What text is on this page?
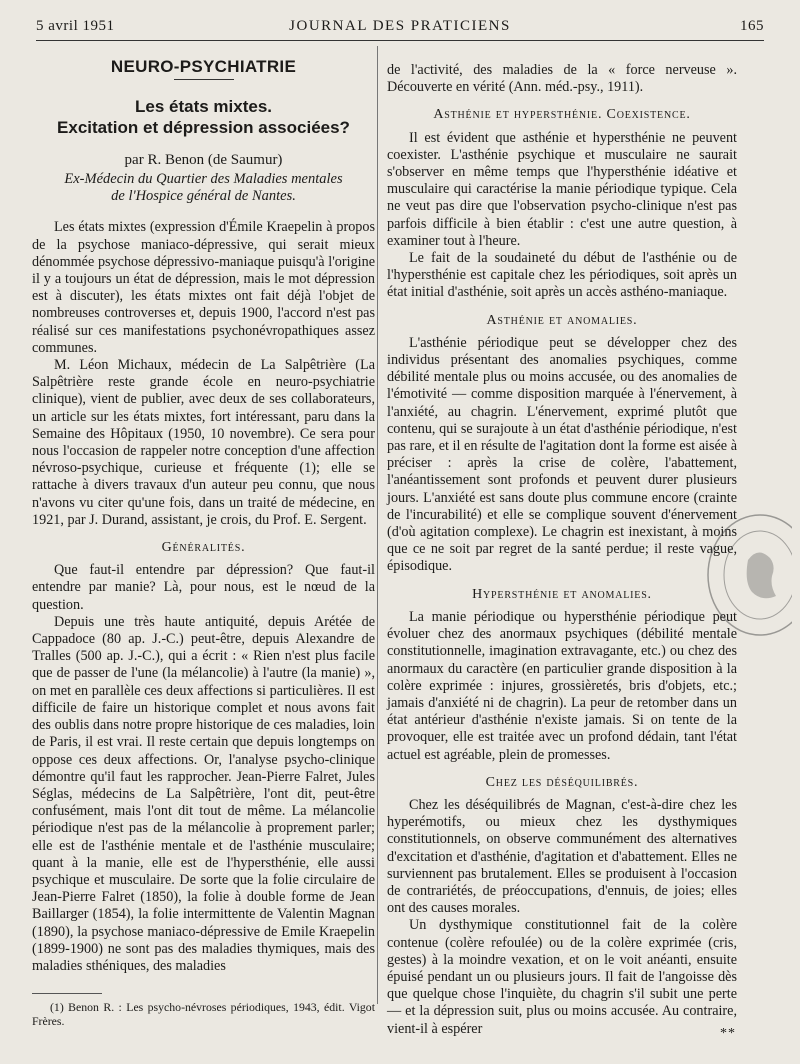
5 avril 1951	JOURNAL DES PRATICIENS	165
NEURO-PSYCHIATRIE
Les états mixtes.
Excitation et dépression associées?
par R. Benon (de Saumur)
Ex-Médecin du Quartier des Maladies mentales
de l'Hospice général de Nantes.

Les états mixtes (expression d'Émile Kraepelin à propos de la psychose maniaco-dépressive, qui serait mieux dénommée psychose dépressivo-maniaque puisqu'à l'origine il y a toujours un état de dépression, mais le mot dépression est à discuter), les états mixtes ont fait déjà l'objet de nombreuses controverses et, depuis 1900, l'accord n'est pas réalisé sur ces manifestations psychonévropathiques assez communes.

M. Léon Michaux, médecin de La Salpêtrière (La Salpêtrière reste grande école en neuro-psychiatrie clinique), vient de publier, avec deux de ses collaborateurs, un article sur les états mixtes, fort intéressant, paru dans la Semaine des Hôpitaux (1950, 10 novembre). Ce sera pour nous l'occasion de rappeler notre conception d'une affection névroso-psychique, curieuse et fréquente (1); elle se rattache à divers travaux d'un auteur peu connu, que nous n'avons vu citer qu'une fois, dans un traité de médecine, en 1921, par J. Durand, assistant, je crois, du Prof. E. Sergent.

Généralités.

Que faut-il entendre par dépression? Que faut-il entendre par manie? Là, pour nous, est le nœud de la question.

Depuis une très haute antiquité, depuis Arétée de Cappadoce (80 ap. J.-C.) peut-être, depuis Alexandre de Tralles (500 ap. J.-C.), qui a écrit : « Rien n'est plus facile que de passer de l'une (la mélancolie) à l'autre (la manie) », on met en parallèle ces deux affections si particulières. Il est difficile de faire un historique complet et nous avons fait des oublis dans notre propre historique de ces maladies, loin de Paris, il est vrai. Il reste certain que depuis longtemps on oppose ces deux affections. Or, l'analyse psycho-clinique démontre qu'il faut les rapprocher. Jean-Pierre Falret, Jules Séglas, médecins de La Salpêtrière, l'ont dit, peut-être confusément, mais l'ont dit tout de même. La mélancolie périodique n'est pas de la mélancolie à proprement parler; elle est de l'asthénie mentale et de l'asthénie musculaire; quant à la manie, elle est de l'hypersthénie, elle aussi psychique et musculaire. De sorte que la folie circulaire de Jean-Pierre Falret (1850), la folie à double forme de Jean Baillarger (1854), la folie intermittente de Valentin Magnan (1890), la psychose maniaco-dépressive de Emile Kraepelin (1899-1900) ne sont pas des maladies thymiques, mais des maladies sthéniques, des maladies

(1) Benon R. : Les psycho-névroses périodiques, 1943, édit. Vigot Frères.

de l'activité, des maladies de la « force nerveuse ». Découverte en vérité (Ann. méd.-psy., 1911).

Asthénie et hypersthénie. Coexistence.

Il est évident que asthénie et hypersthénie ne peuvent coexister. L'asthénie psychique et musculaire ne saurait s'observer en même temps que l'hypersthénie idéative et musculaire qui caractérise la manie périodique typique. Cela ne veut pas dire que l'observation psycho-clinique n'est pas parfois difficile à bien établir : c'est une autre question, à examiner tout à l'heure.

Le fait de la soudaineté du début de l'asthénie ou de l'hypersthénie est capitale chez les périodiques, soit après un état initial d'asthénie, soit après un accès asthéno-maniaque.

Asthénie et anomalies.

L'asthénie périodique peut se développer chez des individus présentant des anomalies psychiques, comme débilité mentale plus ou moins accusée, ou des anomalies de l'émotivité — comme disposition marquée à l'énervement, à l'anxiété, au chagrin. L'énervement, exprimé plutôt que contenu, qui se surajoute à un état d'asthénie périodique, n'est pas rare, et il en résulte de l'agitation dont la forme est aisée à préciser : après la crise de colère, l'abattement, l'anéantissement sont profonds et peuvent durer plusieurs jours. L'anxiété est sans doute plus commune encore (crainte de l'incurabilité) et elle se complique souvent d'énervement (d'où agitation complexe). Le chagrin est inexistant, à moins que ce ne soit par regret de la santé perdue; il reste vague, épisodique.

Hypersthénie et anomalies.

La manie périodique ou hypersthénie périodique peut évoluer chez des anormaux psychiques (débilité mentale constitutionnelle, imagination extravagante, etc.) ou chez des anormaux du caractère (en particulier grande disposition à la colère exprimée : injures, grossièretés, bris d'objets, etc.; jamais d'anxiété ni de chagrin). La peur de retomber dans un état antérieur d'asthénie n'existe jamais. Si on tente de la provoquer, elle est traitée avec un profond dédain, tant l'état actuel est agréable, plein de promesses.

Chez les déséquilibrés.

Chez les déséquilibrés de Magnan, c'est-à-dire chez les hyperémotifs, ou mieux chez les dysthymiques constitutionnels, on observe communément des alternatives d'excitation et d'asthénie, d'agitation et d'abattement. Elles ne surviennent pas brutalement. Elles se produisent à l'occasion de contrariétés, de préoccupations, d'ennuis, de joies; elles ont des causes morales.

Un dysthymique constitutionnel fait de la colère contenue (colère refoulée) ou de la colère exprimée (cris, gestes) à la moindre vexation, et on le voit anéanti, ensuite épuisé pendant un ou plusieurs jours. Il fait de l'angoisse dès que quelque chose l'inquiète, du chagrin s'il subit une perte — et la dépression suit, plus ou moins accusée. Au contraire, vient-il à espérer	**
